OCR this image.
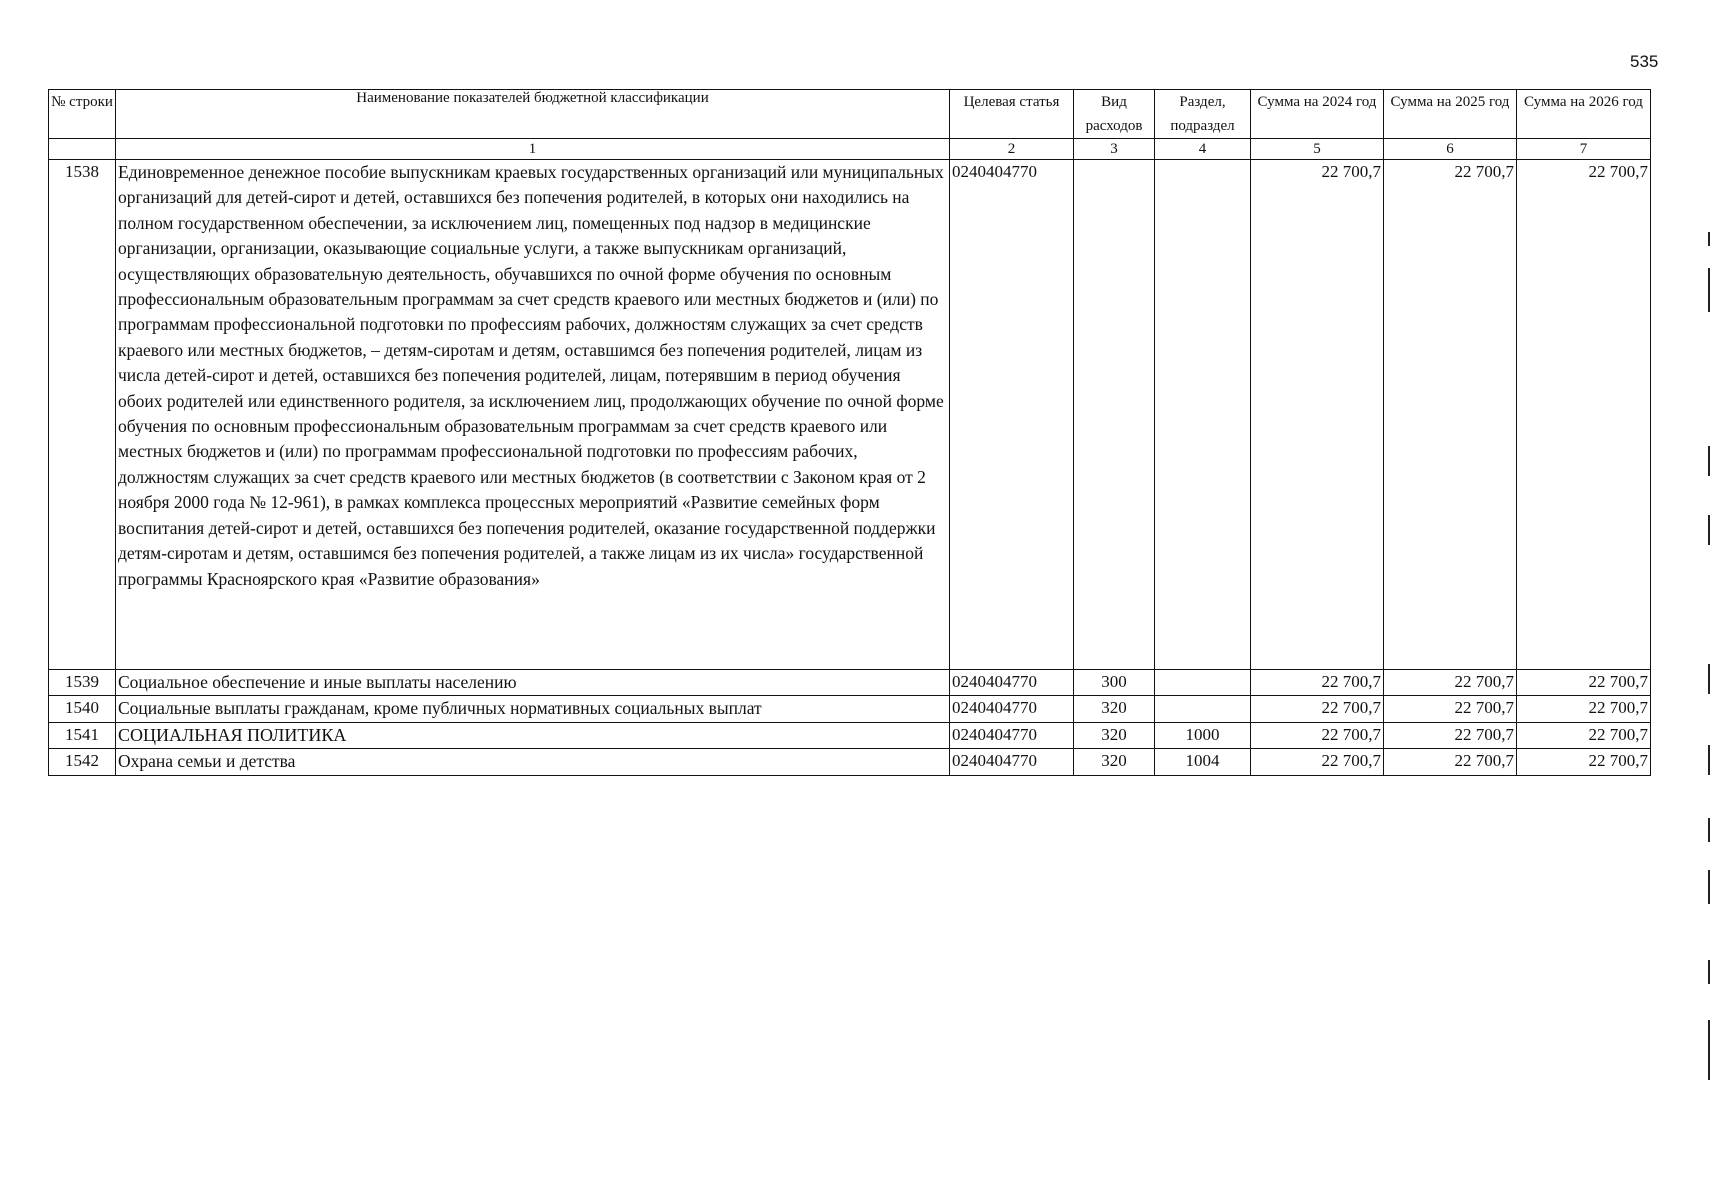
535
№ строки	Наименование показателей бюджетной классификации	Целевая статья	Вид расходов	Раздел, подраздел	Сумма на 2024 год	Сумма на 2025 год	Сумма на 2026 год
	1	2	3	4	5	6	7
1538	Единовременное денежное пособие выпускникам краевых государственных организаций или муниципальных организаций для детей-сирот и детей, оставшихся без попечения родителей, в которых они находились на полном государственном обеспечении, за исключением лиц, помещенных под надзор в медицинские организации, организации, оказывающие социальные услуги, а также выпускникам организаций, осуществляющих образовательную деятельность, обучавшихся по очной форме обучения по основным профессиональным образовательным программам за счет средств краевого или местных бюджетов и (или) по программам профессиональной подготовки по профессиям рабочих, должностям служащих за счет средств краевого или местных бюджетов, – детям-сиротам и детям, оставшимся без попечения родителей, лицам из числа детей-сирот и детей, оставшихся без попечения родителей, лицам, потерявшим в период обучения обоих родителей или единственного родителя, за исключением лиц, продолжающих обучение по очной форме обучения по основным профессиональным образовательным программам за счет средств краевого или местных бюджетов и (или) по программам профессиональной подготовки по профессиям рабочих, должностям служащих за счет средств краевого или местных бюджетов (в соответствии с Законом края от 2 ноября 2000 года № 12-961), в рамках комплекса процессных мероприятий «Развитие семейных форм воспитания детей-сирот и детей, оставшихся без попечения родителей, оказание государственной поддержки детям-сиротам и детям, оставшимся без попечения родителей, а также лицам из их числа» государственной программы Красноярского края «Развитие образования»	0240404770			22 700,7	22 700,7	22 700,7
1539	Социальное обеспечение и иные выплаты населению	0240404770	300		22 700,7	22 700,7	22 700,7
1540	Социальные выплаты гражданам, кроме публичных нормативных социальных выплат	0240404770	320		22 700,7	22 700,7	22 700,7
1541	СОЦИАЛЬНАЯ ПОЛИТИКА	0240404770	320	1000	22 700,7	22 700,7	22 700,7
1542	Охрана семьи и детства	0240404770	320	1004	22 700,7	22 700,7	22 700,7
